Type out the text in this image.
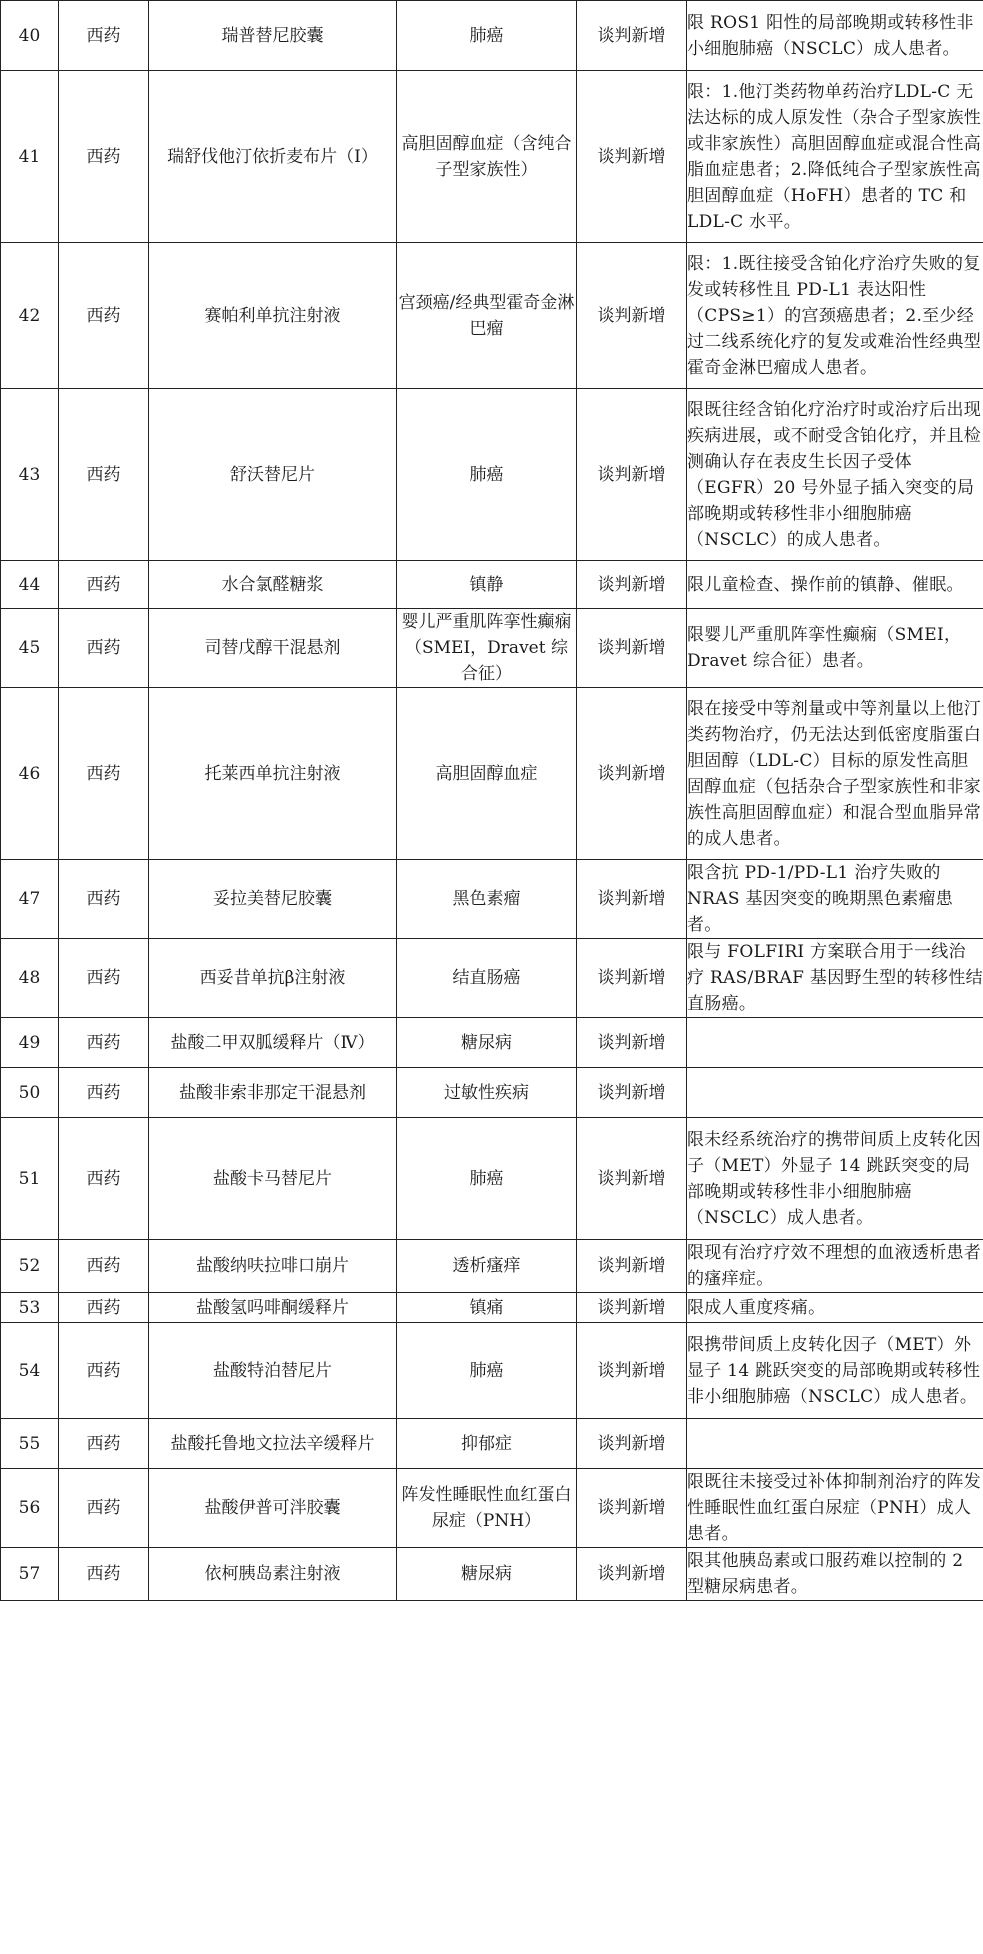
40	西药	瑞普替尼胶囊	肺癌	谈判新增	限 ROS1 阳性的局部晚期或转移性非小细胞肺癌（NSCLC）成人患者。
41	西药	瑞舒伐他汀依折麦布片（Ⅰ）	高胆固醇血症（含纯合子型家族性）	谈判新增	限：1.他汀类药物单药治疗LDL-C 无法达标的成人原发性（杂合子型家族性或非家族性）高胆固醇血症或混合性高脂血症患者；2.降低纯合子型家族性高胆固醇血症（HoFH）患者的 TC 和 LDL-C 水平。
42	西药	赛帕利单抗注射液	宫颈癌/经典型霍奇金淋巴瘤	谈判新增	限：1.既往接受含铂化疗治疗失败的复发或转移性且 PD-L1 表达阳性（CPS≥1）的宫颈癌患者；2.至少经过二线系统化疗的复发或难治性经典型霍奇金淋巴瘤成人患者。
43	西药	舒沃替尼片	肺癌	谈判新增	限既往经含铂化疗治疗时或治疗后出现疾病进展，或不耐受含铂化疗，并且检测确认存在表皮生长因子受体（EGFR）20 号外显子插入突变的局部晚期或转移性非小细胞肺癌（NSCLC）的成人患者。
44	西药	水合氯醛糖浆	镇静	谈判新增	限儿童检查、操作前的镇静、催眠。
45	西药	司替戊醇干混悬剂	婴儿严重肌阵挛性癫痫（SMEI，Dravet 综合征）	谈判新增	限婴儿严重肌阵挛性癫痫（SMEI，Dravet 综合征）患者。
46	西药	托莱西单抗注射液	高胆固醇血症	谈判新增	限在接受中等剂量或中等剂量以上他汀类药物治疗，仍无法达到低密度脂蛋白胆固醇（LDL-C）目标的原发性高胆固醇血症（包括杂合子型家族性和非家族性高胆固醇血症）和混合型血脂异常的成人患者。
47	西药	妥拉美替尼胶囊	黑色素瘤	谈判新增	限含抗 PD-1/PD-L1 治疗失败的 NRAS 基因突变的晚期黑色素瘤患者。
48	西药	西妥昔单抗β注射液	结直肠癌	谈判新增	限与 FOLFIRI 方案联合用于一线治疗 RAS/BRAF 基因野生型的转移性结直肠癌。
49	西药	盐酸二甲双胍缓释片（Ⅳ）	糖尿病	谈判新增	
50	西药	盐酸非索非那定干混悬剂	过敏性疾病	谈判新增	
51	西药	盐酸卡马替尼片	肺癌	谈判新增	限未经系统治疗的携带间质上皮转化因子（MET）外显子 14 跳跃突变的局部晚期或转移性非小细胞肺癌（NSCLC）成人患者。
52	西药	盐酸纳呋拉啡口崩片	透析瘙痒	谈判新增	限现有治疗疗效不理想的血液透析患者的瘙痒症。
53	西药	盐酸氢吗啡酮缓释片	镇痛	谈判新增	限成人重度疼痛。
54	西药	盐酸特泊替尼片	肺癌	谈判新增	限携带间质上皮转化因子（MET）外显子 14 跳跃突变的局部晚期或转移性非小细胞肺癌（NSCLC）成人患者。
55	西药	盐酸托鲁地文拉法辛缓释片	抑郁症	谈判新增	
56	西药	盐酸伊普可泮胶囊	阵发性睡眠性血红蛋白尿症（PNH）	谈判新增	限既往未接受过补体抑制剂治疗的阵发性睡眠性血红蛋白尿症（PNH）成人患者。
57	西药	依柯胰岛素注射液	糖尿病	谈判新增	限其他胰岛素或口服药难以控制的 2 型糖尿病患者。
